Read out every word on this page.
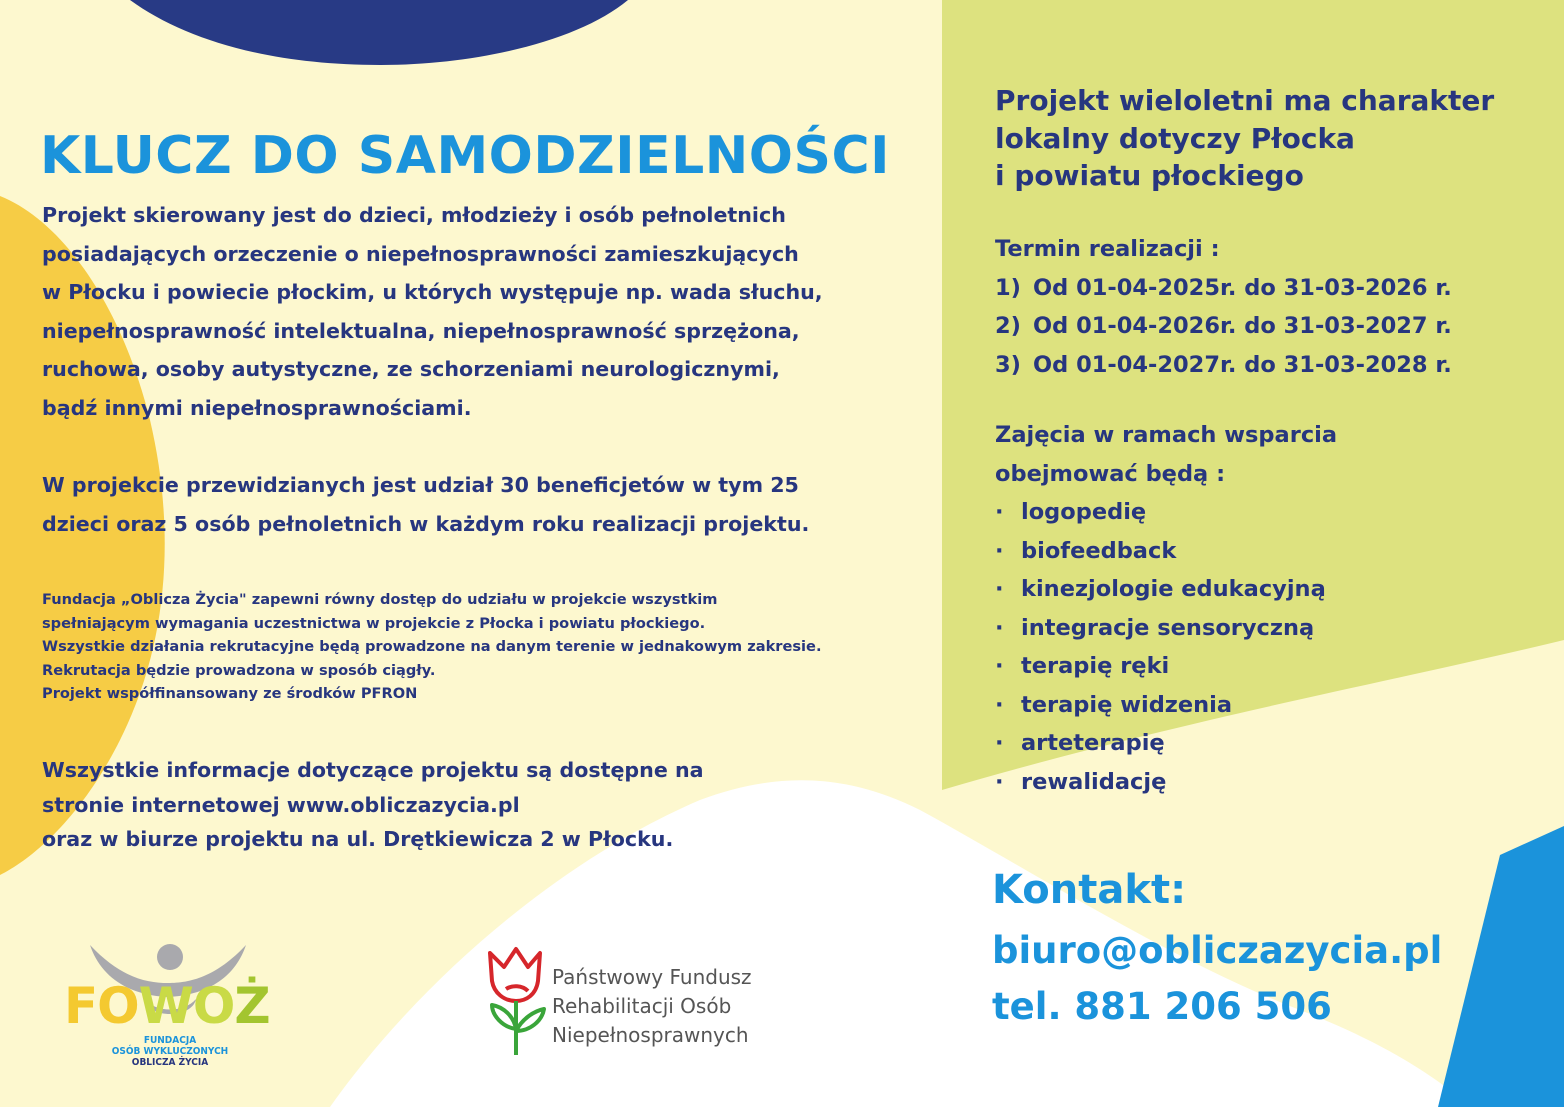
KLUCZ DO SAMODZIELNOŚCI

Projekt skierowany jest do dzieci, młodzieży i osób pełnoletnich

posiadających orzeczenie o niepełnosprawności zamieszkujących

w Płocku i powiecie płockim, u których występuje np. wada słuchu,

niepełnosprawność intelektualna, niepełnosprawność sprzężona,

ruchowa, osoby autystyczne, ze schorzeniami neurologicznymi,

bądź innymi niepełnosprawnościami.

W projekcie przewidzianych jest udział 30 beneficjetów w tym 25

dzieci oraz 5 osób pełnoletnich w każdym roku realizacji projektu.

Fundacja „Oblicza Życia" zapewni równy dostęp do udziału w projekcie wszystkim

spełniającym wymagania uczestnictwa w projekcie z Płocka i powiatu płockiego.

Wszystkie działania rekrutacyjne będą prowadzone na danym terenie w jednakowym zakresie.

Rekrutacja będzie prowadzona w sposób ciągły.

Projekt współfinansowany ze środków PFRON

Wszystkie informacje dotyczące projektu są dostępne na

stronie internetowej www.obliczazycia.pl

oraz w biurze projektu na ul. Drętkiewicza 2 w Płocku.

Projekt wieloletni ma charakter

lokalny dotyczy Płocka

i powiatu płockiego

Termin realizacji :

1) Od 01-04-2025r. do 31-03-2026 r.

2) Od 01-04-2026r. do 31-03-2027 r.

3) Od 01-04-2027r. do 31-03-2028 r.

Zajęcia w ramach wsparcia

obejmować będą :

· logopedię
· biofeedback
· kinezjologie edukacyjną
· integracje sensoryczną
· terapię ręki
· terapię widzenia
· arteterapię
· rewalidację
Kontakt:
biuro@obliczazycia.pl
tel. 881 206 506
FOWOŻ
FUNDACJA
OSÓB WYKLUCZONYCH
OBLICZA ŻYCIA

Państwowy Fundusz

Rehabilitacji Osób

Niepełnosprawnych
